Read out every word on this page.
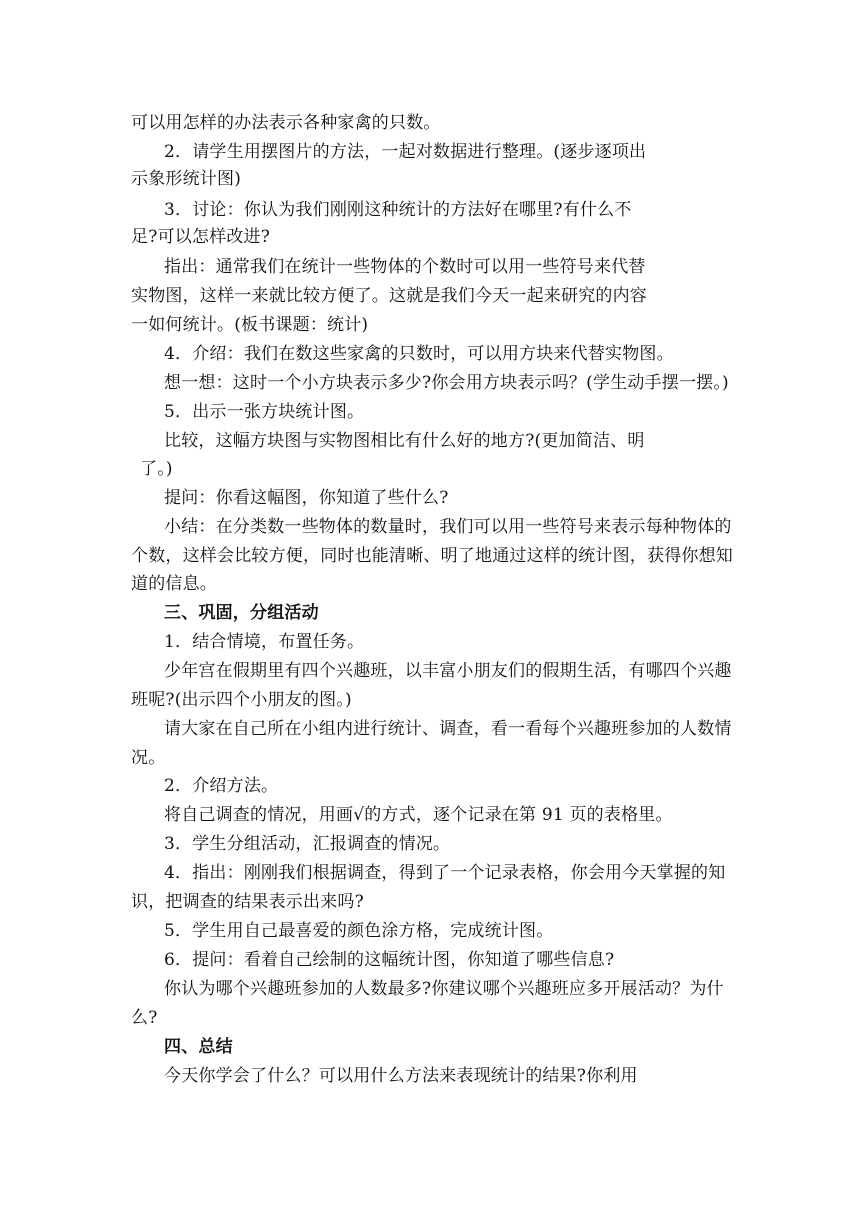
可以用怎样的办法表示各种家禽的只数。
2．请学生用摆图片的方法，一起对数据进行整理。(逐步逐项出
示象形统计图)
3．讨论：你认为我们刚刚这种统计的方法好在哪里?有什么不
足?可以怎样改进?
指出：通常我们在统计一些物体的个数时可以用一些符号来代替
实物图，这样一来就比较方便了。这就是我们今天一起来研究的内容
一如何统计。(板书课题：统计)
4．介绍：我们在数这些家禽的只数时，可以用方块来代替实物图。
想一想：这时一个小方块表示多少?你会用方块表示吗？(学生动手摆一摆。)
5．出示一张方块统计图。
比较，这幅方块图与实物图相比有什么好的地方?(更加简洁、明
了。)
提问：你看这幅图，你知道了些什么?
小结：在分类数一些物体的数量时，我们可以用一些符号来表示每种物体的
个数，这样会比较方便，同时也能清晰、明了地通过这样的统计图，获得你想知
道的信息。
三、巩固，分组活动
1．结合情境，布置任务。
少年宫在假期里有四个兴趣班，以丰富小朋友们的假期生活，有哪四个兴趣
班呢?(出示四个小朋友的图。)
请大家在自己所在小组内进行统计、调查，看一看每个兴趣班参加的人数情
况。
2．介绍方法。
将自己调查的情况，用画√的方式，逐个记录在第 91 页的表格里。
3．学生分组活动，汇报调查的情况。
4．指出：刚刚我们根据调查，得到了一个记录表格，你会用今天掌握的知
识，把调查的结果表示出来吗?
5．学生用自己最喜爱的颜色涂方格，完成统计图。
6．提问：看着自己绘制的这幅统计图，你知道了哪些信息?
你认为哪个兴趣班参加的人数最多?你建议哪个兴趣班应多开展活动？为什
么?
四、总结
今天你学会了什么？可以用什么方法来表现统计的结果?你利用
